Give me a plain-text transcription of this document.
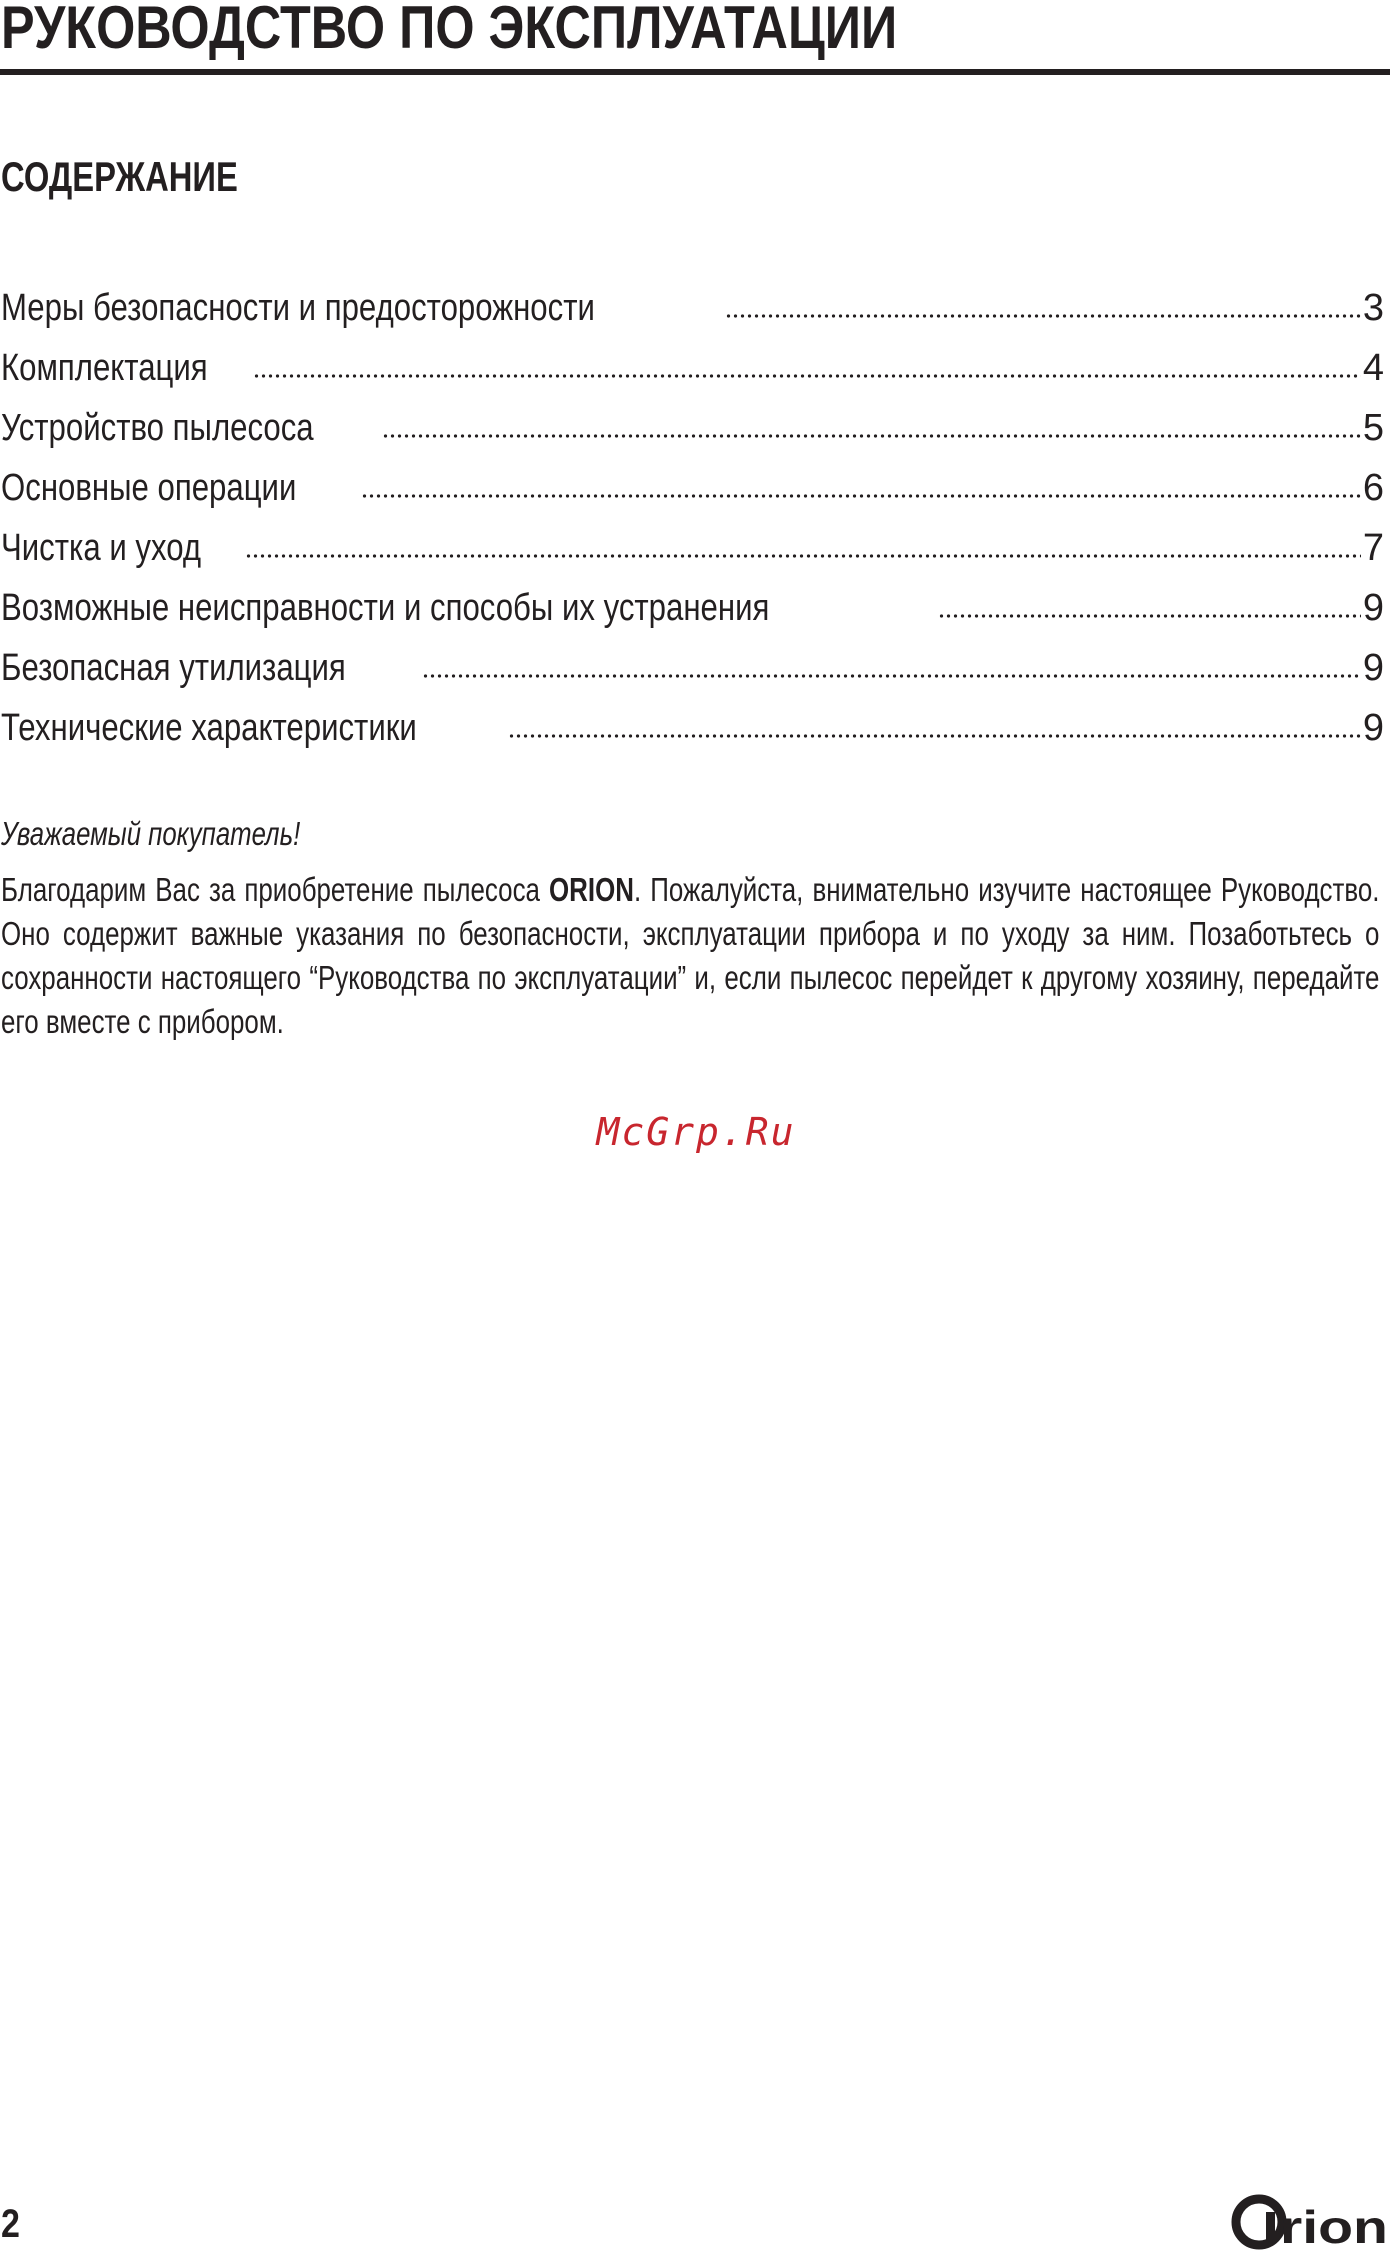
РУКОВОДСТВО ПО ЭКСПЛУАТАЦИИ
СОДЕРЖАНИЕ
Меры безопасности и предосторожности	3
Комплектация	4
Устройство пылесоса	5
Основные операции	6
Чистка и уход	7
Возможные неисправности и способы их устранения	9
Безопасная утилизация	9
Технические характеристики	9

Уважаемый покупатель!

Благодарим Вас за приобретение пылесоса ORION. Пожалуйста, внимательно изучите настоящее Руководство. Оно содержит важные указания по безопасности, эксплуатации прибора и по уходу за ним. Позаботьтесь о сохранности настоящего “Руководства по эксплуатации” и, если пылесос перейдет к другому хозяину, передайте его вместе с прибором.

McGrp.Ru
2	rion
